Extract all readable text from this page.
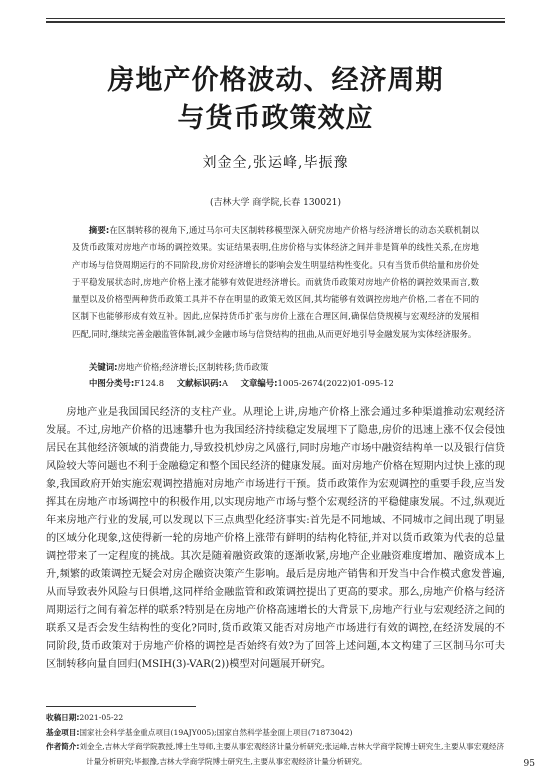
房地产价格波动、经济周期
与货币政策效应
刘金全,张运峰,毕振豫
(吉林大学 商学院,长春 130021)
摘要:在区制转移的视角下,通过马尔可夫区制转移模型深入研究房地产价格与经济增长的动态关联机制以及货币政策对房地产市场的调控效果。实证结果表明,住房价格与实体经济之间并非是简单的线性关系,在房地产市场与信贷周期运行的不同阶段,房价对经济增长的影响会发生明显结构性变化。只有当货币供给量和房价处于平稳发展状态时,房地产价格上涨才能够有效促进经济增长。而就货币政策对房地产价格的调控效果而言,数量型以及价格型两种货币政策工具并不存在明显的政策无效区间,其均能够有效调控房地产价格,二者在不同的区制下也能够形成有效互补。因此,应保持货币扩张与房价上涨在合理区间,确保信贷规模与宏观经济的发展相匹配,同时,继续完善金融监管体制,减少金融市场与信贷结构的扭曲,从而更好地引导金融发展为实体经济服务。
关键词:房地产价格;经济增长;区制转移;货币政策
中图分类号:F124.8 文献标识码:A 文章编号:1005-2674(2022)01-095-12
房地产业是我国国民经济的支柱产业。从理论上讲,房地产价格上涨会通过多种渠道推动宏观经济发展。不过,房地产价格的迅速攀升也为我国经济持续稳定发展埋下了隐患,房价的迅速上涨不仅会侵蚀居民在其他经济领域的消费能力,导致投机炒房之风盛行,同时房地产市场中融资结构单一以及银行信贷风险较大等问题也不利于金融稳定和整个国民经济的健康发展。面对房地产价格在短期内过快上涨的现象,我国政府开始实施宏观调控措施对房地产市场进行干预。货币政策作为宏观调控的重要手段,应当发挥其在房地产市场调控中的积极作用,以实现房地产市场与整个宏观经济的平稳健康发展。不过,纵观近年来房地产行业的发展,可以发现以下三点典型化经济事实:首先是不同地域、不同城市之间出现了明显的区域分化现象,这使得新一轮的房地产价格上涨带有鲜明的结构化特征,并对以货币政策为代表的总量调控带来了一定程度的挑战。其次是随着融资政策的逐渐收紧,房地产企业融资难度增加、融资成本上升,频繁的政策调控无疑会对房企融资决策产生影响。最后是房地产销售和开发当中合作模式愈发普遍,从而导致表外风险与日俱增,这同样给金融监管和政策调控提出了更高的要求。那么,房地产价格与经济周期运行之间有着怎样的联系?特别是在房地产价格高速增长的大背景下,房地产行业与宏观经济之间的联系又是否会发生结构性的变化?同时,货币政策又能否对房地产市场进行有效的调控,在经济发展的不同阶段,货币政策对于房地产价格的调控是否始终有效?为了回答上述问题,本文构建了三区制马尔可夫区制转移向量自回归(MSIH(3)-VAR(2))模型对问题展开研究。
收稿日期:2021-05-22
基金项目:国家社会科学基金重点项目(19AJY005);国家自然科学基金面上项目(71873042)
作者简介:刘金全,吉林大学商学院教授,博士生导师,主要从事宏观经济计量分析研究;张运峰,吉林大学商学院博士研究生,主要从事宏观经济计量分析研究;毕振豫,吉林大学商学院博士研究生,主要从事宏观经济计量分析研究。	95
